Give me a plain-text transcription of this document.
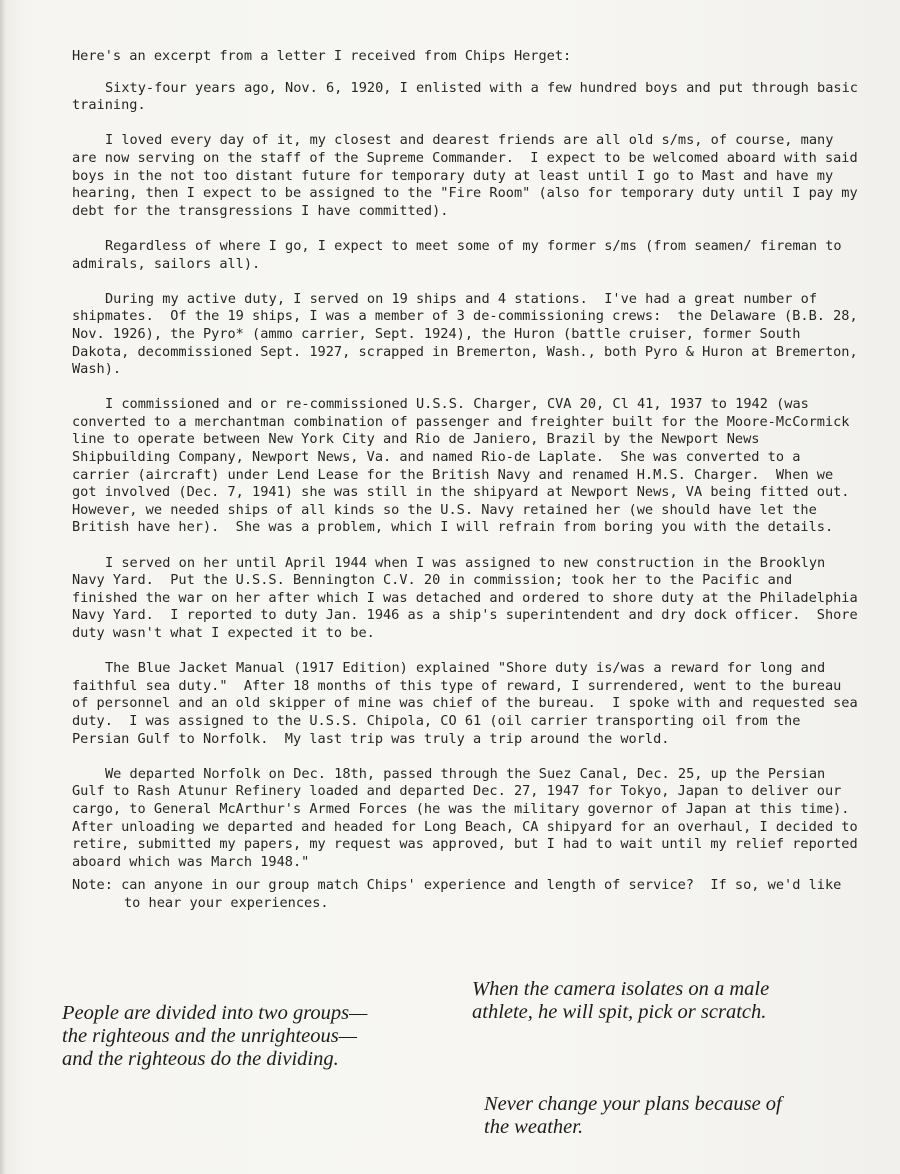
Here's an excerpt from a letter I received from Chips Herget:

Sixty-four years ago, Nov. 6, 1920, I enlisted with a few hundred boys and put through basic training.

I loved every day of it, my closest and dearest friends are all old s/ms, of course, many are now serving on the staff of the Supreme Commander.  I expect to be welcomed aboard with said boys in the not too distant future for temporary duty at least until I go to Mast and have my hearing, then I expect to be assigned to the "Fire Room" (also for temporary duty until I pay my debt for the transgressions I have committed).

Regardless of where I go, I expect to meet some of my former s/ms (from seamen/ fireman to admirals, sailors all).

During my active duty, I served on 19 ships and 4 stations.  I've had a great number of shipmates.  Of the 19 ships, I was a member of 3 de-commissioning crews:  the Delaware (B.B. 28, Nov. 1926), the Pyro* (ammo carrier, Sept. 1924), the Huron (battle cruiser, former South Dakota, decommissioned Sept. 1927, scrapped in Bremerton, Wash., both Pyro & Huron at Bremerton, Wash).

I commissioned and or re-commissioned U.S.S. Charger, CVA 20, Cl 41, 1937 to 1942 (was converted to a merchantman combination of passenger and freighter built for the Moore-McCormick line to operate between New York City and Rio de Janiero, Brazil by the Newport News Shipbuilding Company, Newport News, Va. and named Rio-de Laplate.  She was converted to a carrier (aircraft) under Lend Lease for the British Navy and renamed H.M.S. Charger.  When we got involved (Dec. 7, 1941) she was still in the shipyard at Newport News, VA being fitted out.  However, we needed ships of all kinds so the U.S. Navy retained her (we should have let the British have her).  She was a problem, which I will refrain from boring you with the details.

I served on her until April 1944 when I was assigned to new construction in the Brooklyn Navy Yard.  Put the U.S.S. Bennington C.V. 20 in commission; took her to the Pacific and finished the war on her after which I was detached and ordered to shore duty at the Philadelphia Navy Yard.  I reported to duty Jan. 1946 as a ship's superintendent and dry dock officer.  Shore duty wasn't what I expected it to be.

The Blue Jacket Manual (1917 Edition) explained "Shore duty is/was a reward for long and faithful sea duty."  After 18 months of this type of reward, I surrendered, went to the bureau of personnel and an old skipper of mine was chief of the bureau.  I spoke with and requested sea duty.  I was assigned to the U.S.S. Chipola, CO 61 (oil carrier transporting oil from the Persian Gulf to Norfolk.  My last trip was truly a trip around the world.

We departed Norfolk on Dec. 18th, passed through the Suez Canal, Dec. 25, up the Persian Gulf to Rash Atunur Refinery loaded and departed Dec. 27, 1947 for Tokyo, Japan to deliver our cargo, to General McArthur's Armed Forces (he was the military governor of Japan at this time).  After unloading we departed and headed for Long Beach, CA shipyard for an overhaul, I decided to retire, submitted my papers, my request was approved, but I had to wait until my relief reported aboard which was March 1948."

Note: can anyone in our group match Chips' experience and length of service?  If so, we'd like to hear your experiences.

People are divided into two groups—
the righteous and the unrighteous—
and the righteous do the dividing.

When the camera isolates on a male
athlete, he will spit, pick or scratch.

Never change your plans because of
the weather.
